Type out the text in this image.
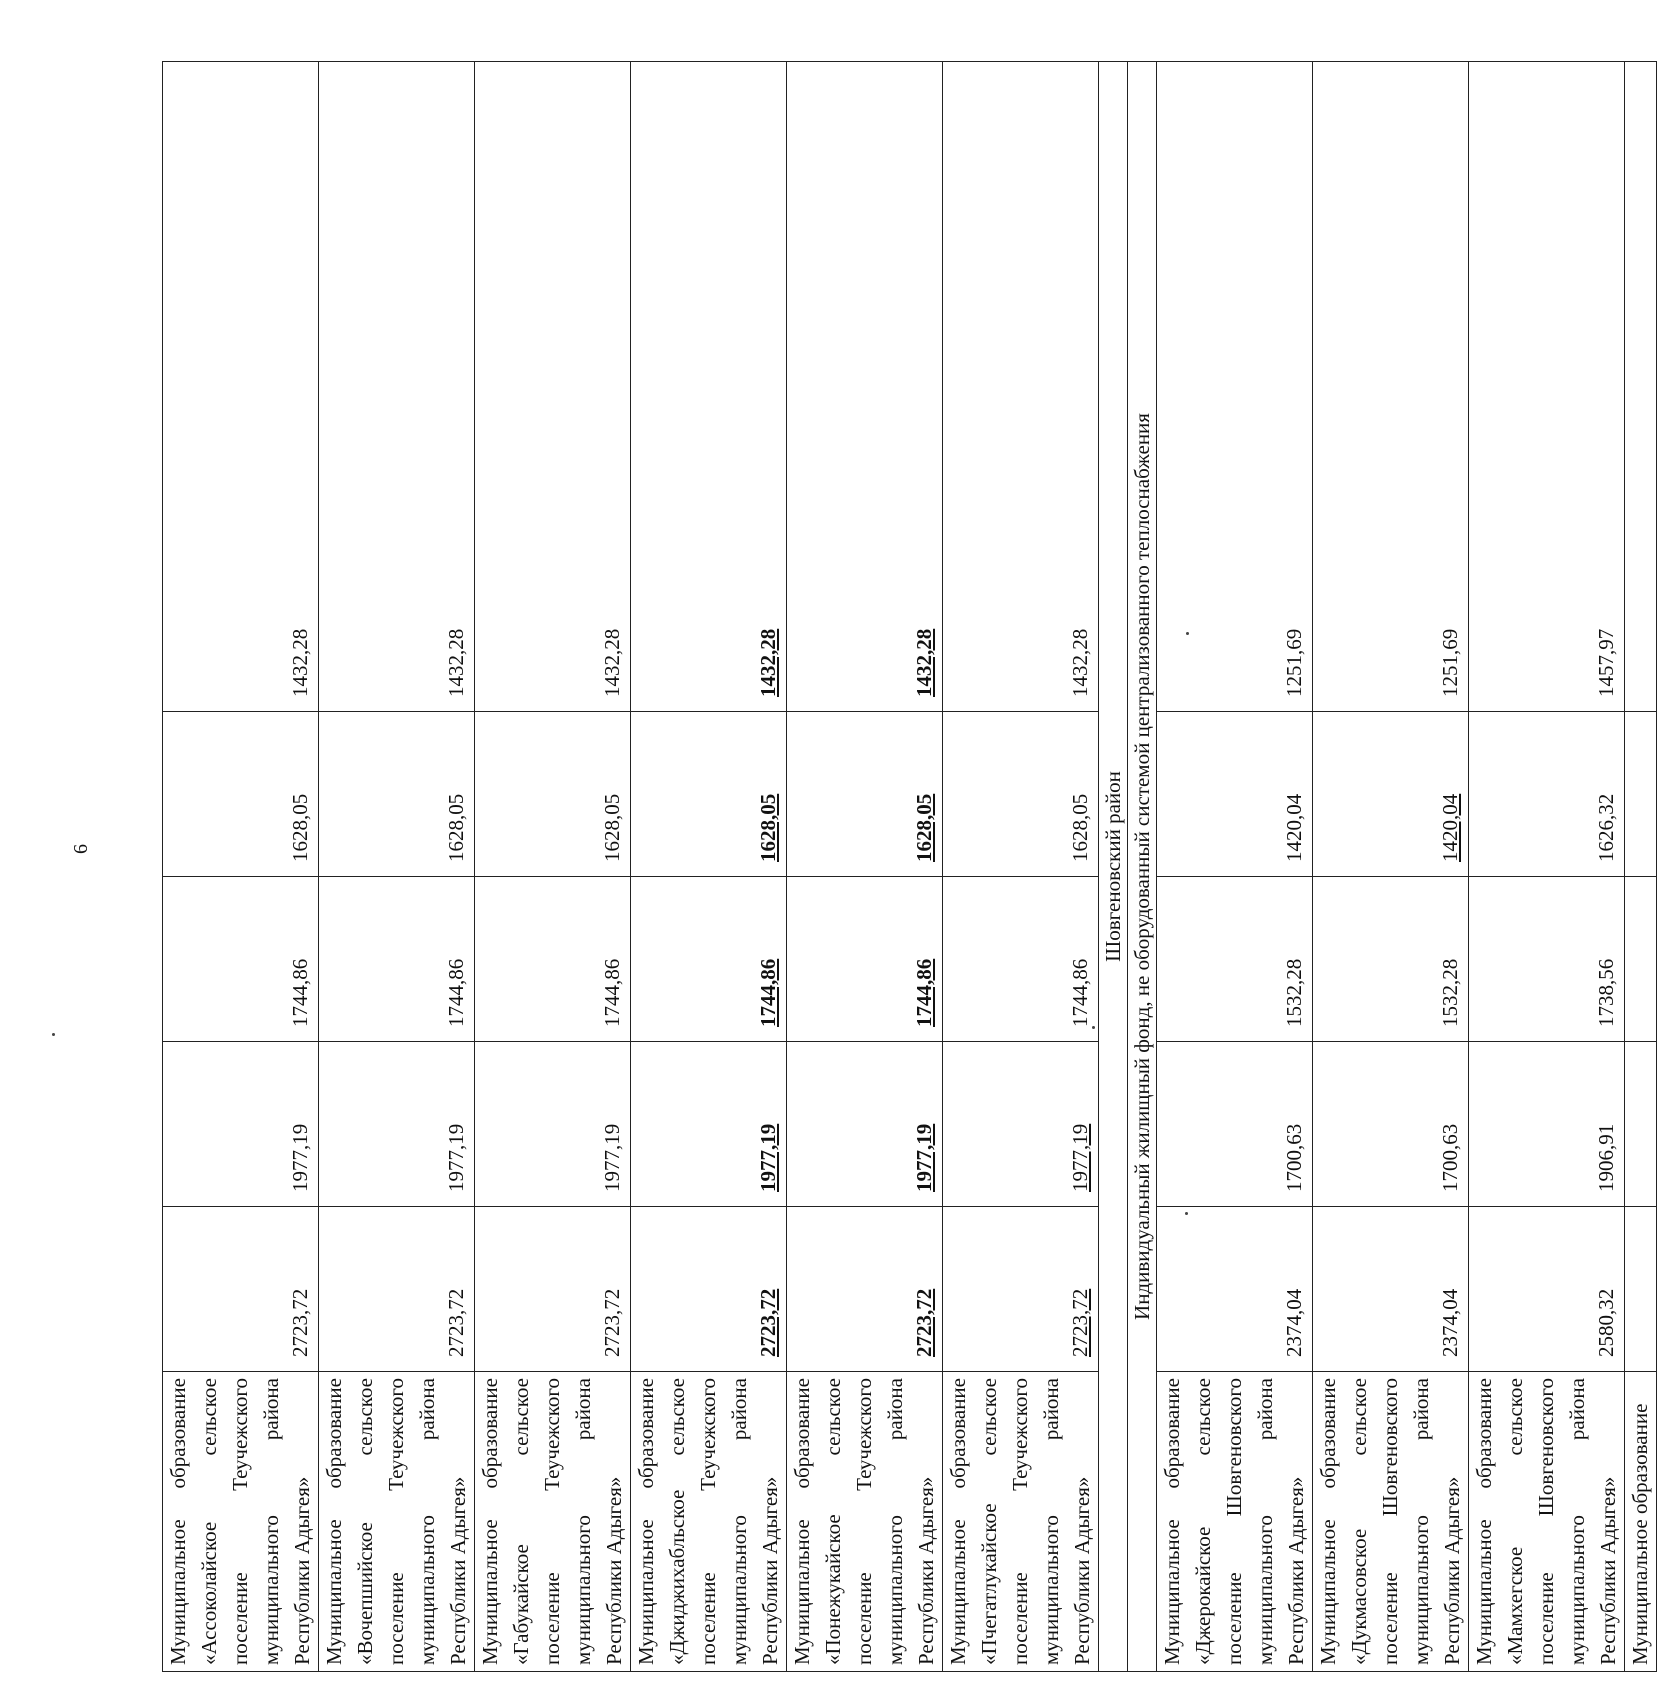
6
Муниципальное образование «Ассоколайское сельское поселение Теучежского муниципального района Республики Адыгея»	2723,72	1977,19	1744,86	1628,05	1432,28
Муниципальное образование «Вочепшийское сельское поселение Теучежского муниципального района Республики Адыгея»	2723,72	1977,19	1744,86	1628,05	1432,28
Муниципальное образование «Габукайское сельское поселение Теучежского муниципального района Республики Адыгея»	2723,72	1977,19	1744,86	1628,05	1432,28
Муниципальное образование «Джиджихабльское сельское поселение Теучежского муниципального района Республики Адыгея»	2723,72	1977,19	1744,86	1628,05	1432,28
Муниципальное образование «Понежукайское сельское поселение Теучежского муниципального района Республики Адыгея»	2723,72	1977,19	1744,86	1628,05	1432,28
Муниципальное образование «Пчегатлукайское сельское поселение Теучежского муниципального района Республики Адыгея»	2723,72	1977,19	1744,86	1628,05	1432,28
Шовгеновский район					
Индивидуальный жилищный фонд, не оборудованный системой централизованного теплоснабжения					
Муниципальное образование «Джерокайское сельское поселение Шовгеновского муниципального района Республики Адыгея»	2374,04	1700,63	1532,28	1420,04	1251,69
Муниципальное образование «Дукмасовское сельское поселение Шовгеновского муниципального района Республики Адыгея»	2374,04	1700,63	1532,28	1420,04	1251,69
Муниципальное образование «Мамхегское сельское поселение Шовгеновского муниципального района Республики Адыгея»	2580,32	1906,91	1738,56	1626,32	1457,97
Муниципальное образование					
